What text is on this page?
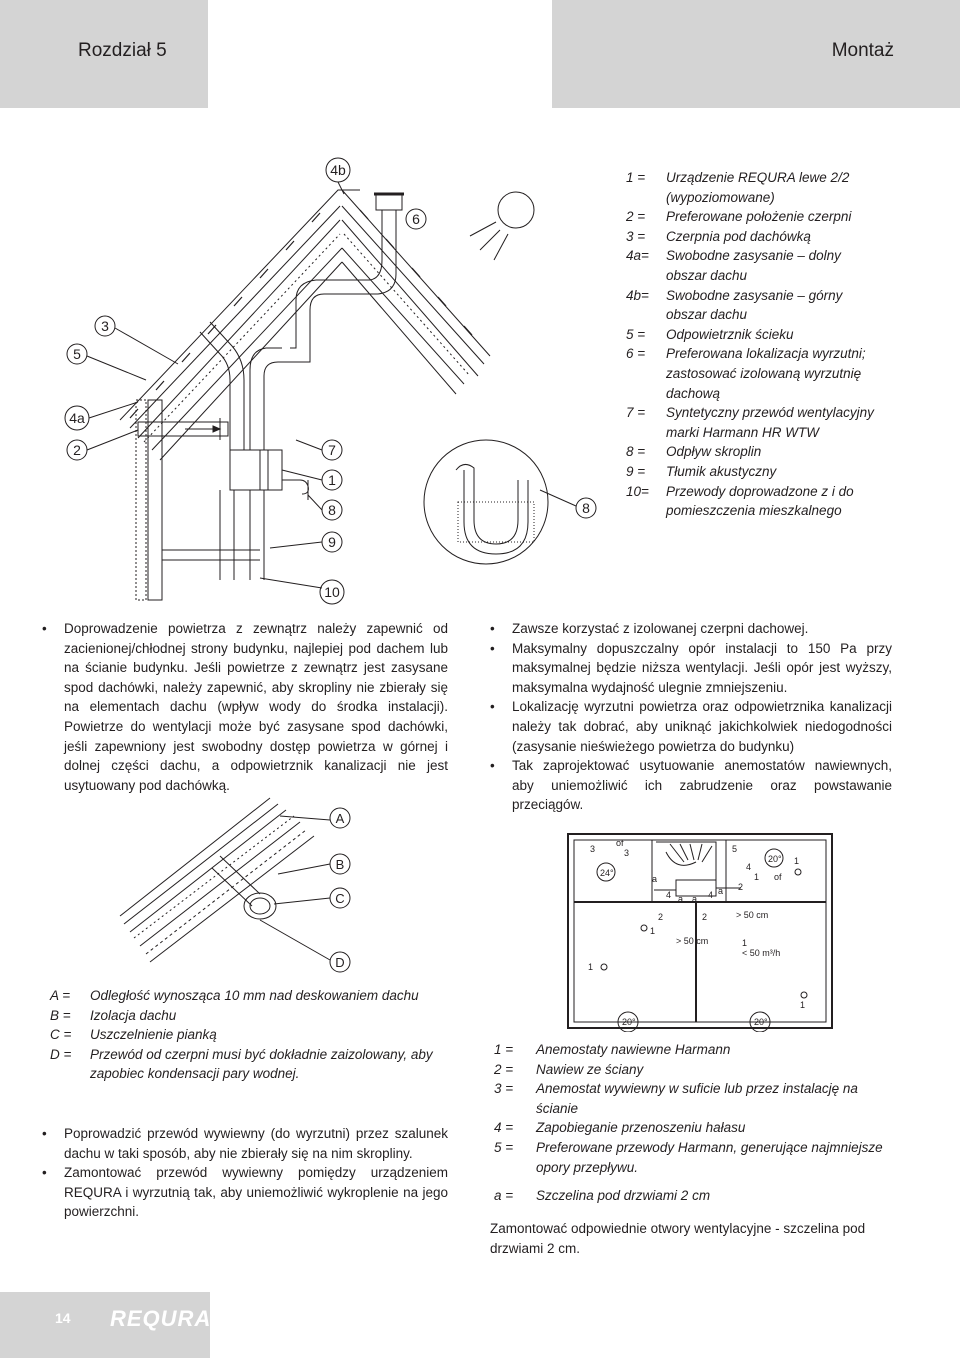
Rozdział 5	Montaż
3
5
4a
2
4b
6
7
1
8
9
10
8
1 =	Urządzenie REQURA lewe 2/2 (wypoziomowane)
2 =	Preferowane położenie czerpni
3 =	Czerpnia pod dachówką
4a=	Swobodne zasysanie – dolny obszar dachu
4b=	Swobodne zasysanie – górny obszar dachu
5 =	Odpowietrznik ścieku
6 =	Preferowana lokalizacja wyrzutni; zastosować izolowaną wyrzutnię dachową
7 =	Syntetyczny przewód wentylacyjny marki Harmann HR WTW
8 =	Odpływ skroplin
9 =	Tłumik akustyczny
10=	Przewody doprowadzone z i do pomieszczenia mieszkalnego
• Doprowadzenie powietrza z zewnątrz należy zapewnić od zacienionej/chłodnej strony budynku, najlepiej pod dachem lub na ścianie budynku. Jeśli powietrze z zewnątrz jest zasysane spod dachówki, należy zapewnić, aby skropliny nie zbierały się na elementach dachu (wpływ wody do środka instalacji). Powietrze do wentylacji może być zasysane spod dachówki, jeśli zapewniony jest swobodny dostęp powietrza w górnej i dolnej części dachu, a odpowietrznik kanalizacji nie jest usytuowany pod dachówką.
• Zawsze korzystać z izolowanej czerpni dachowej.
• Maksymalny dopuszczalny opór instalacji to 150 Pa przy maksymalnej będzie niższa wentylacji. Jeśli opór jest wyższy, maksymalna wydajność ulegnie zmniejszeniu.
• Lokalizację wyrzutni powietrza oraz odpowietrznika kanalizacji należy tak dobrać, aby uniknąć jakichkolwiek niedogodności (zasysanie nieświeżego powietrza do budynku)
• Tak zaprojektować usytuowanie anemostatów nawiewnych, aby uniemożliwić ich zabrudzenie oraz powstawanie przeciągów.
A
B
C
D
A =	Odległość wynosząca 10 mm nad deskowaniem dachu
B =	Izolacja dachu
C =	Uszczelnienie pianką
D =	Przewód od czerpni musi być dokładnie zaizolowany, aby zapobiec kondensacji pary wodnej.
• Poprowadzić przewód wywiewny (do wyrzutni) przez szalunek dachu w taki sposób, aby nie zbierały się na nim skropliny.
• Zamontować przewód wywiewny pomiędzy urządzeniem REQURA i wyrzutnią tak, aby uniemożliwić wykroplenie na jego powierzchni.
3
of
3
24°
a
5
20° 1
4
1 of
2
4 a a 4 a
2	2	> 50 cm
1
> 50 cm	1
< 50 m³/h
1
1
20°	20°
1 =	Anemostaty nawiewne Harmann
2 =	Nawiew ze ściany
3 =	Anemostat wywiewny w suficie lub przez instalację na ścianie
4 =	Zapobieganie przenoszeniu hałasu
5 =	Preferowane przewody Harmann, generujące najmniejsze opory przepływu.
a =	Szczelina pod drzwiami 2 cm
Zamontować odpowiednie otwory wentylacyjne - szczelina pod drzwiami 2 cm.
14 REQURA
